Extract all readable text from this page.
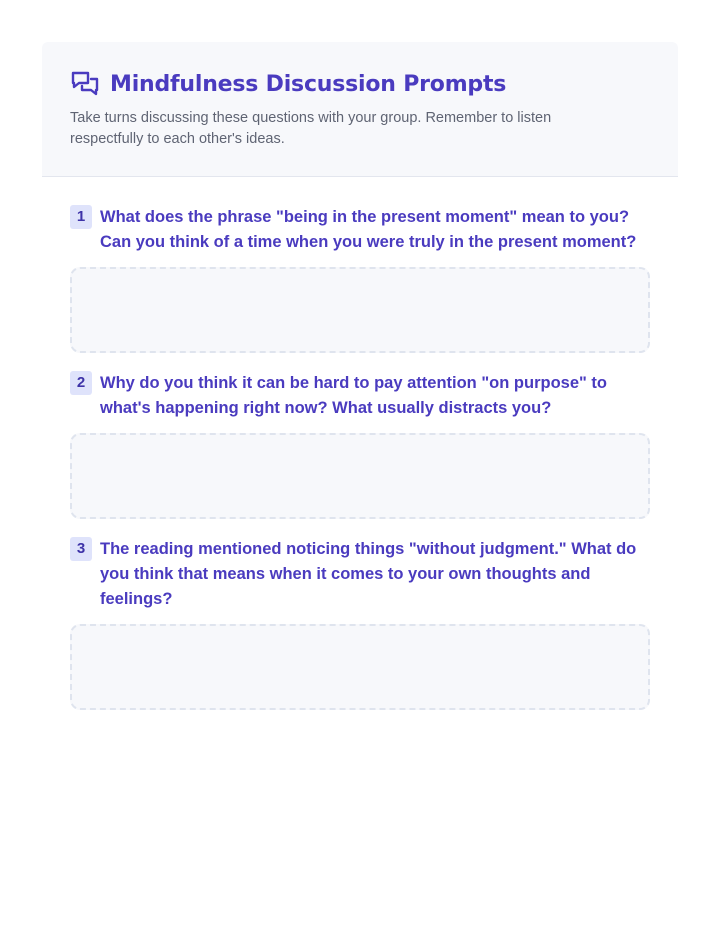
Mindfulness Discussion Prompts
Take turns discussing these questions with your group. Remember to listen respectfully to each other's ideas.
1 What does the phrase "being in the present moment" mean to you? Can you think of a time when you were truly in the present moment?
2 Why do you think it can be hard to pay attention "on purpose" to what's happening right now? What usually distracts you?
3 The reading mentioned noticing things "without judgment." What do you think that means when it comes to your own thoughts and feelings?
